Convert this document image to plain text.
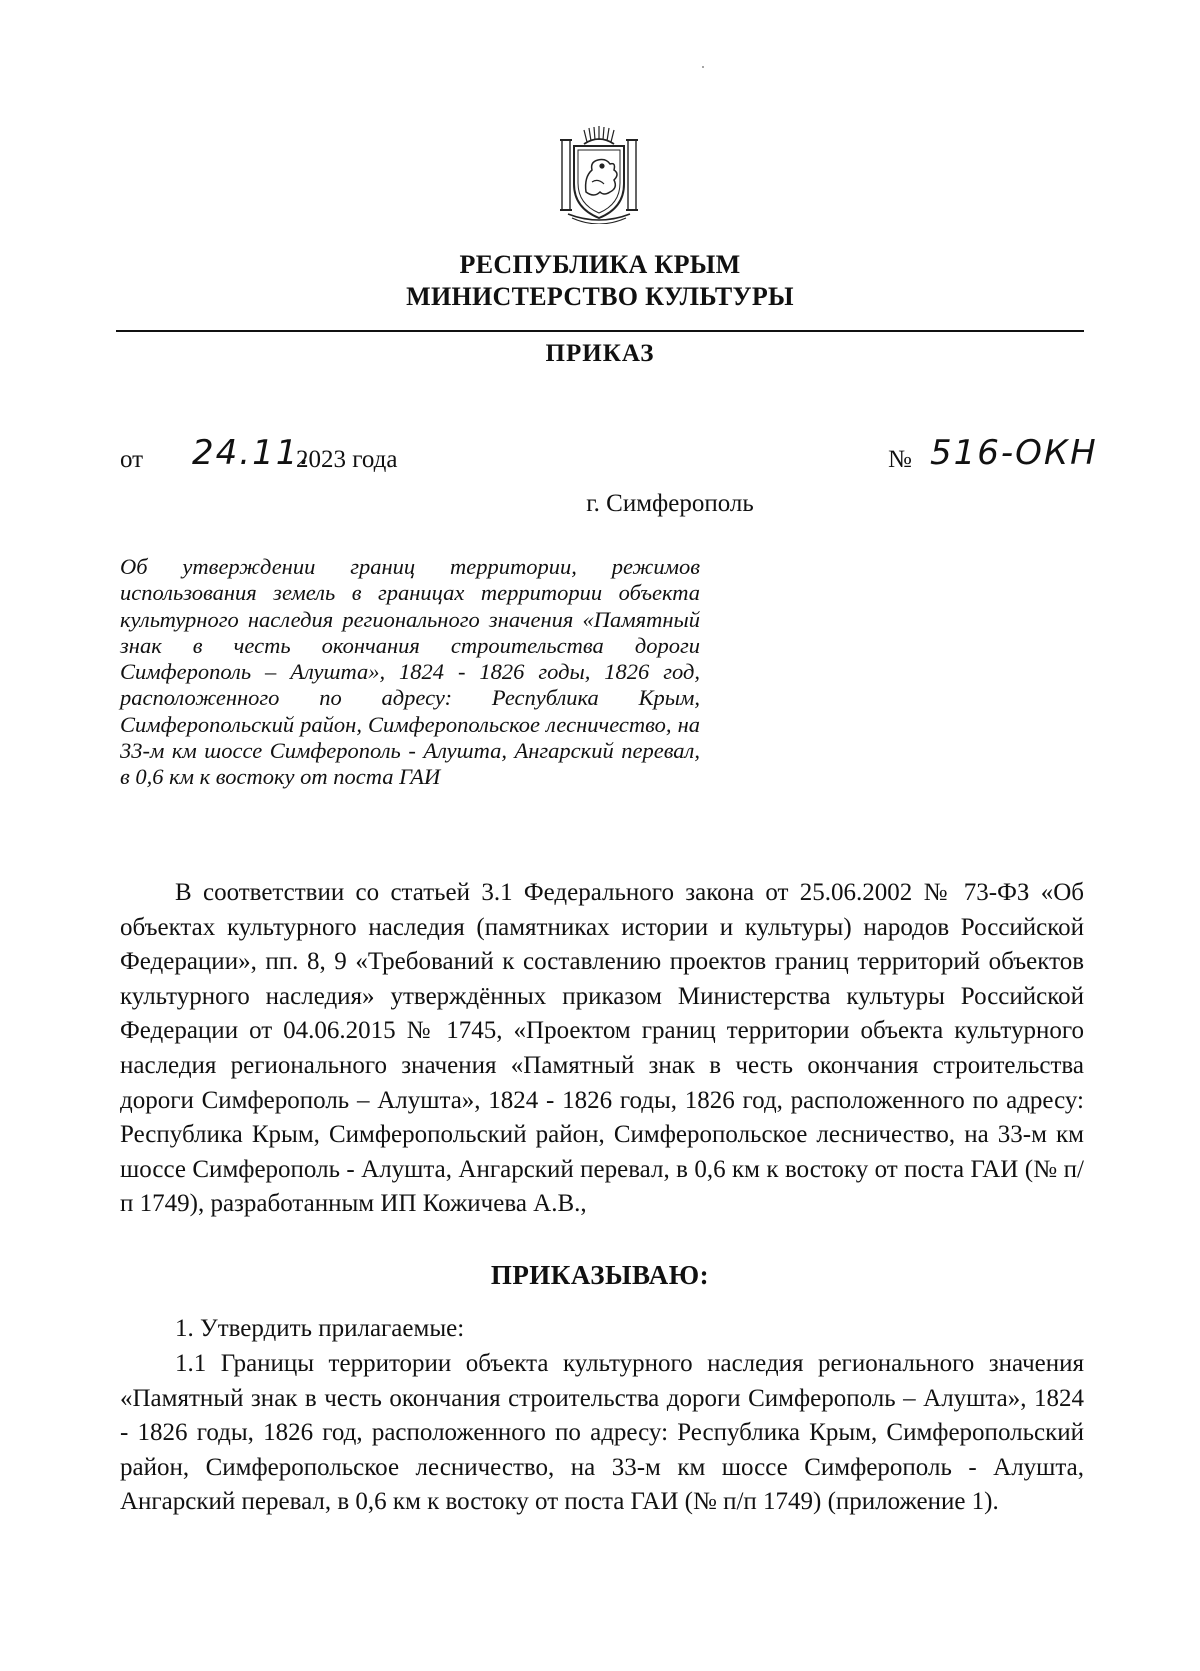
РЕСПУБЛИКА КРЫМ
МИНИСТЕРСТВО КУЛЬТУРЫ
ПРИКАЗ
от 24.11.
2023 года	№ 516-ОКН
г. Симферополь
Об утверждении границ территории, режимов использования земель в границах территории объекта культурного наследия регионального значения «Памятный знак в честь окончания строительства дороги Симферополь – Алушта», 1824 - 1826 годы, 1826 год, расположенного по адресу: Республика Крым, Симферопольский район, Симферопольское лесничество, на 33-м км шоссе Симферополь - Алушта, Ангарский перевал, в 0,6 км к востоку от поста ГАИ
В соответствии со статьей 3.1 Федерального закона от 25.06.2002 № 73-ФЗ «Об объектах культурного наследия (памятниках истории и культуры) народов Российской Федерации», пп. 8, 9 «Требований к составлению проектов границ территорий объектов культурного наследия» утверждённых приказом Министерства культуры Российской Федерации от 04.06.2015 № 1745, «Проектом границ территории объекта культурного наследия регионального значения «Памятный знак в честь окончания строительства дороги Симферополь – Алушта», 1824 - 1826 годы, 1826 год, расположенного по адресу: Республика Крым, Симферопольский район, Симферопольское лесничество, на 33-м км шоссе Симферополь - Алушта, Ангарский перевал, в 0,6 км к востоку от поста ГАИ (№ п/п 1749), разработанным ИП Кожичева А.В.,
ПРИКАЗЫВАЮ:
1. Утвердить прилагаемые:
1.1 Границы территории объекта культурного наследия регионального значения «Памятный знак в честь окончания строительства дороги Симферополь – Алушта», 1824 - 1826 годы, 1826 год, расположенного по адресу: Республика Крым, Симферопольский район, Симферопольское лесничество, на 33-м км шоссе Симферополь - Алушта, Ангарский перевал, в 0,6 км к востоку от поста ГАИ (№ п/п 1749) (приложение 1).
